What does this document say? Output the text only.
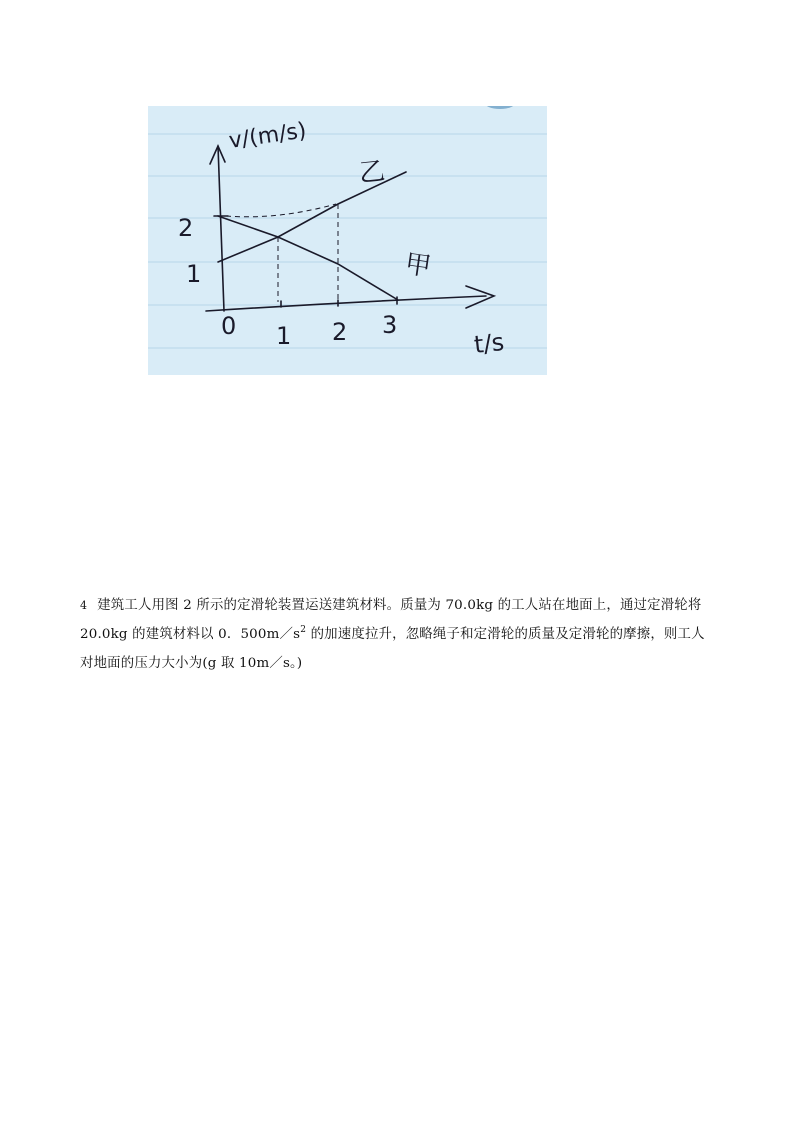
v/(m/s)
t/s
2
1
0 1 2 3
乙
甲

4 建筑工人用图 2 所示的定滑轮装置运送建筑材料。质量为 70.0kg 的工人站在地面上，通过定滑轮将 20.0kg 的建筑材料以 0．$500m/s^2$ 的加速度拉升，忽略绳子和定滑轮的质量及定滑轮的摩擦，则工人对地面的压力大小为(g 取 10m／s。)
